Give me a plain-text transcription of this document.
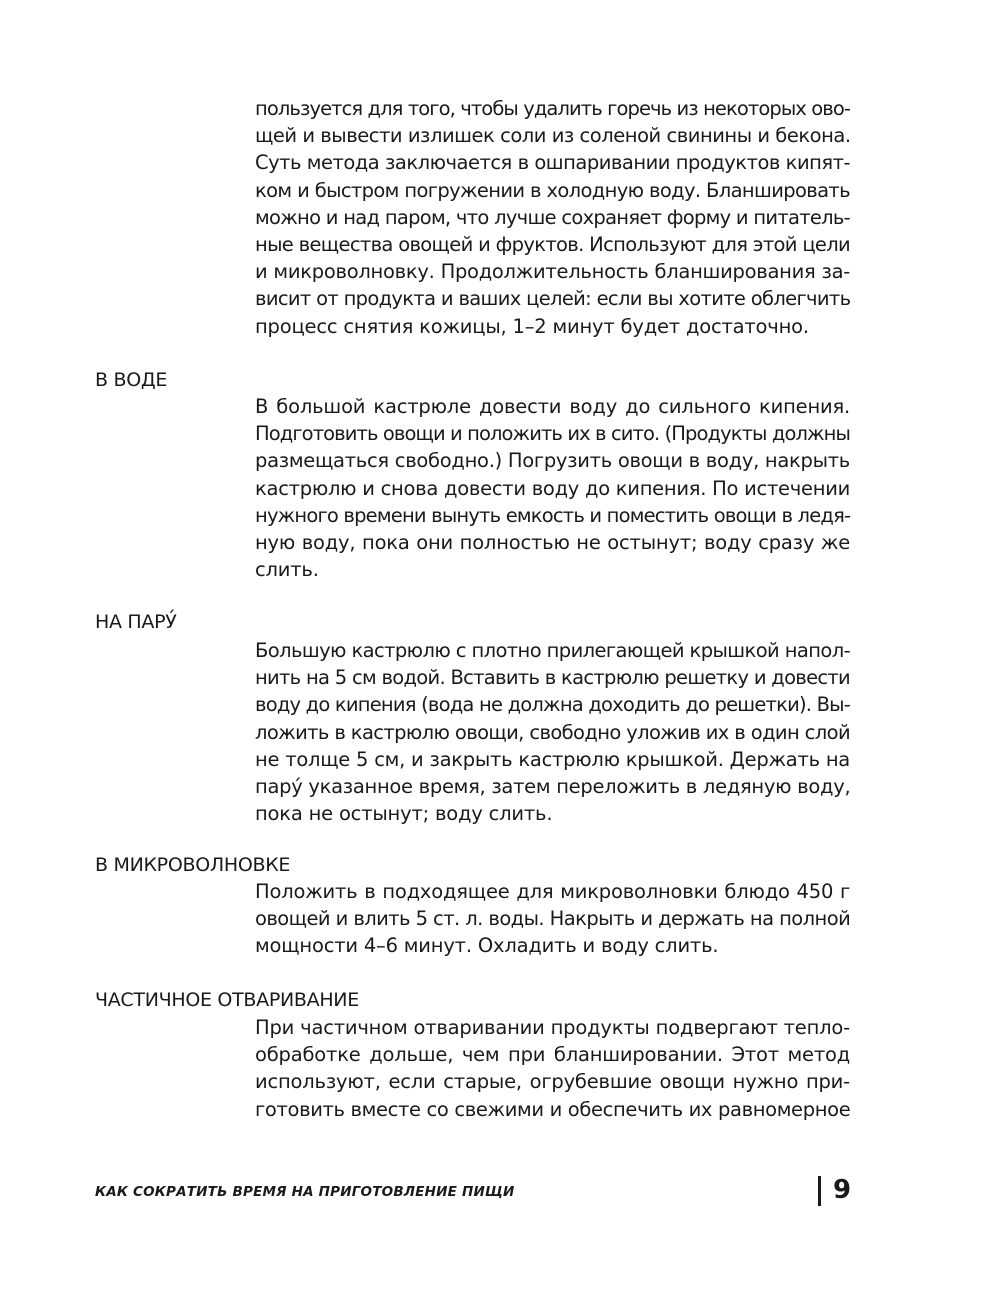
пользуется для того, чтобы удалить горечь из некоторых ово-
щей и вывести излишек соли из соленой свинины и бекона.
Суть метода заключается в ошпаривании продуктов кипят-
ком и быстром погружении в холодную воду. Бланшировать
можно и над паром, что лучше сохраняет форму и питатель-
ные вещества овощей и фруктов. Используют для этой цели
и микроволновку. Продолжительность бланширования за-
висит от продукта и ваших целей: если вы хотите облегчить
процесс снятия кожицы, 1–2 минут будет достаточно.
В ВОДЕ
В большой кастрюле довести воду до сильного кипения.
Подготовить овощи и положить их в сито. (Продукты должны
размещаться свободно.) Погрузить овощи в воду, накрыть
кастрюлю и снова довести воду до кипения. По истечении
нужного времени вынуть емкость и поместить овощи в ледя-
ную воду, пока они полностью не остынут; воду сразу же
слить.
НА ПАРУ́
Большую кастрюлю с плотно прилегающей крышкой напол-
нить на 5 см водой. Вставить в кастрюлю решетку и довести
воду до кипения (вода не должна доходить до решетки). Вы-
ложить в кастрюлю овощи, свободно уложив их в один слой
не толще 5 см, и закрыть кастрюлю крышкой. Держать на
пару́ указанное время, затем переложить в ледяную воду,
пока не остынут; воду слить.
В МИКРОВОЛНОВКЕ
Положить в подходящее для микроволновки блюдо 450 г
овощей и влить 5 ст. л. воды. Накрыть и держать на полной
мощности 4–6 минут. Охладить и воду слить.
ЧАСТИЧНОЕ ОТВАРИВАНИЕ
При частичном отваривании продукты подвергают тепло-
обработке дольше, чем при бланшировании. Этот метод
используют, если старые, огрубевшие овощи нужно при-
готовить вместе со свежими и обеспечить их равномерное
КАК СОКРАТИТЬ ВРЕМЯ НА ПРИГОТОВЛЕНИЕ ПИЩИ	9
